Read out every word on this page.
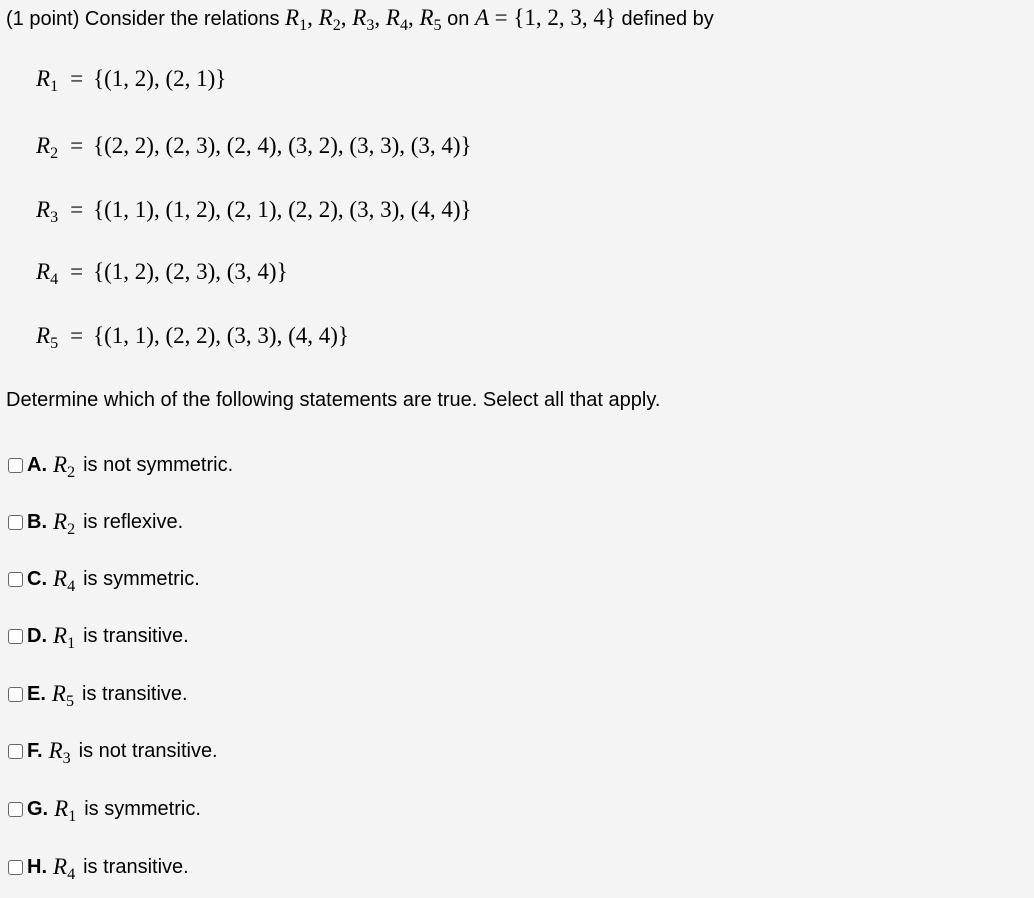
(1 point) Consider the relations $R_1$, $R_2$, $R_3$, $R_4$, $R_5$ on A = {1, 2, 3, 4} defined by
$R_1 = \{(1$, 2), (2, 1)}
$R_2 = \{(2$, 2), (2, 3), (2, 4), (3, 2), (3, 3), (3, 4)}
$R_3 = \{(1$, 1), (1, 2), (2, 1), (2, 2), (3, 3), (4, 4)}
$R_4 = \{(1$, 2), (2, 3), (3, 4)}
$R_5 = \{(1$, 1), (2, 2), (3, 3), (4, 4)}
Determine which of the following statements are true. Select all that apply.
A. $R_2$ is not symmetric.
B. $R_2$ is reflexive.
C. $R_4$ is symmetric.
D. $R_1$ is transitive.
E. $R_5$ is transitive.
F. $R_3$ is not transitive.
G. $R_1$ is symmetric.
H. $R_4$ is transitive.
